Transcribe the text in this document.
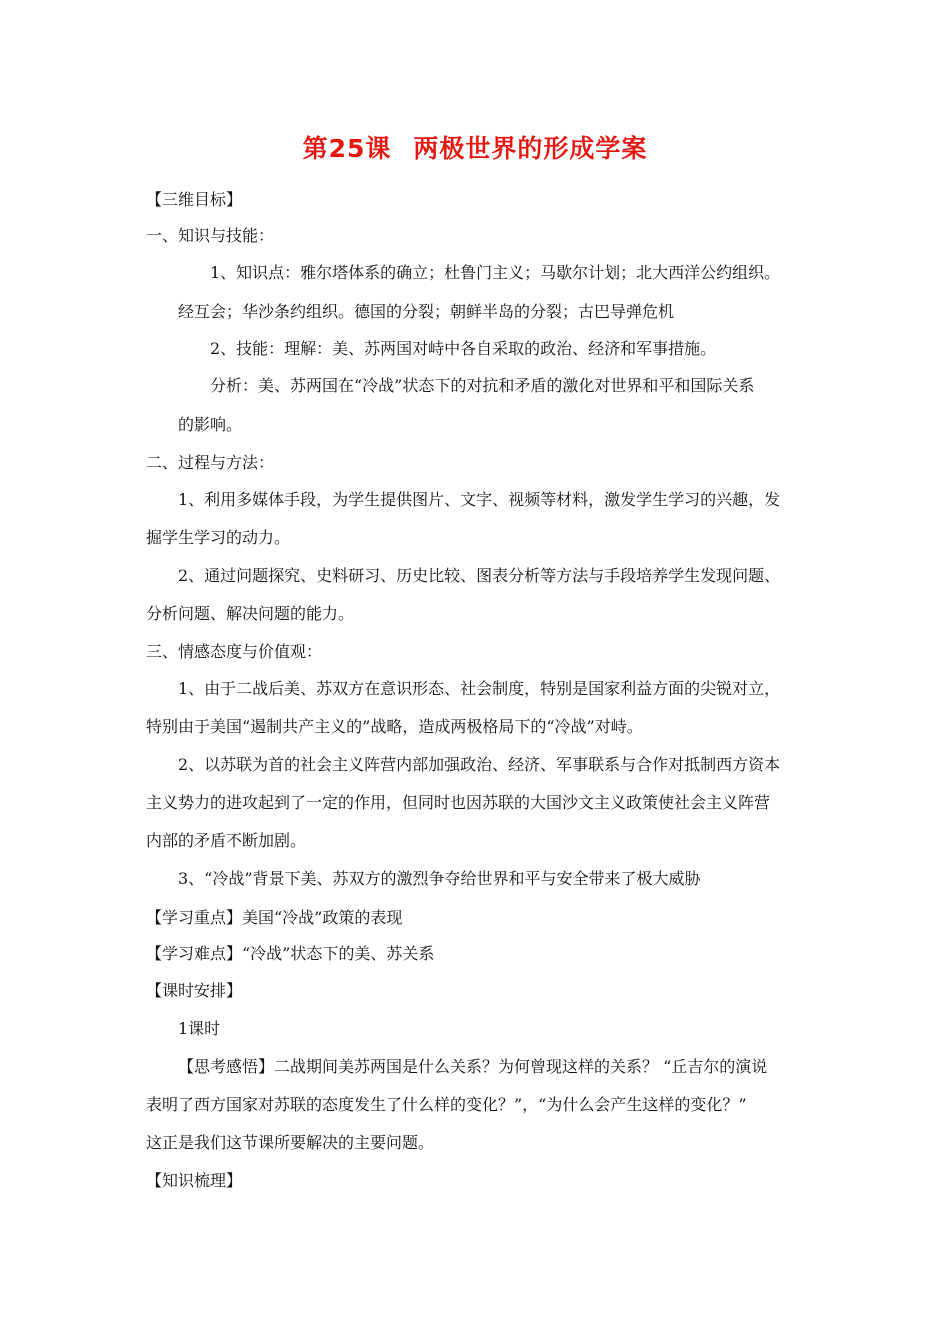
第25课 两极世界的形成学案
【三维目标】
一、知识与技能：
1、知识点：雅尔塔体系的确立；杜鲁门主义；马歇尔计划；北大西洋公约组织。
经互会；华沙条约组织。德国的分裂；朝鲜半岛的分裂；古巴导弹危机
2、技能：理解：美、苏两国对峙中各自采取的政治、经济和军事措施。
分析：美、苏两国在“冷战”状态下的对抗和矛盾的激化对世界和平和国际关系
的影响。
二、过程与方法：
1、利用多媒体手段，为学生提供图片、文字、视频等材料，激发学生学习的兴趣，发
掘学生学习的动力。
2、通过问题探究、史料研习、历史比较、图表分析等方法与手段培养学生发现问题、
分析问题、解决问题的能力。
三、情感态度与价值观：
1、由于二战后美、苏双方在意识形态、社会制度，特别是国家利益方面的尖锐对立，
特别由于美国“遏制共产主义的”战略，造成两极格局下的“冷战”对峙。
2、以苏联为首的社会主义阵营内部加强政治、经济、军事联系与合作对抵制西方资本
主义势力的进攻起到了一定的作用，但同时也因苏联的大国沙文主义政策使社会主义阵营
内部的矛盾不断加剧。
3、“冷战”背景下美、苏双方的激烈争夺给世界和平与安全带来了极大威胁
【学习重点】美国“冷战”政策的表现
【学习难点】“冷战”状态下的美、苏关系
【课时安排】
1课时
【思考感悟】二战期间美苏两国是什么关系？为何曾现这样的关系？ “丘吉尔的演说
表明了西方国家对苏联的态度发生了什么样的变化？”，“为什么会产生这样的变化？”
这正是我们这节课所要解决的主要问题。
【知识梳理】
